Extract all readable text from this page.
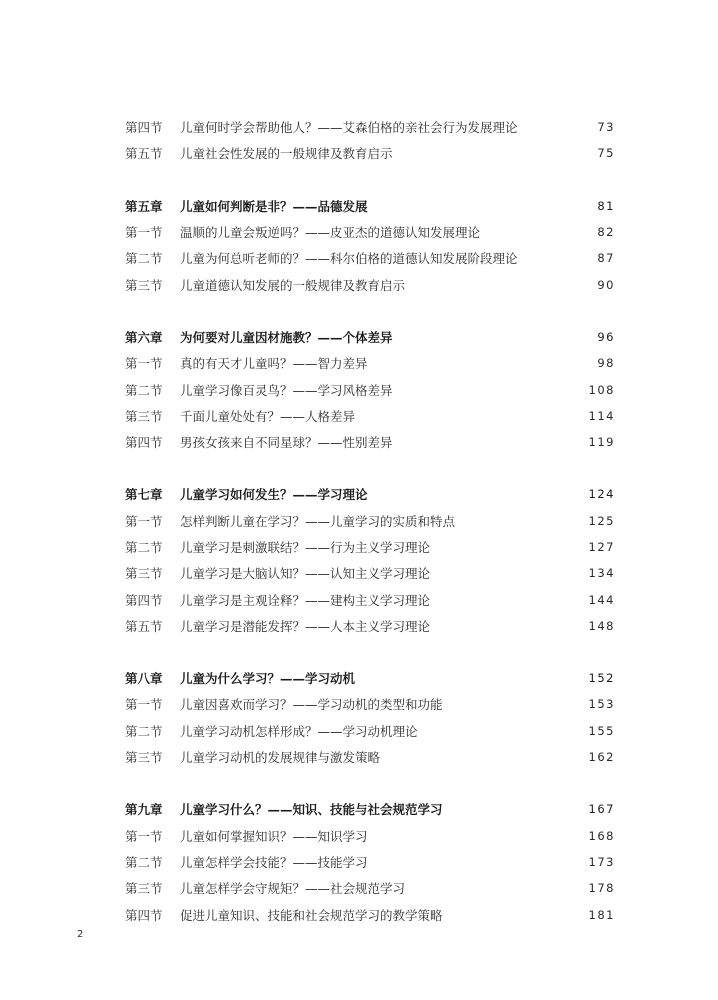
第四节	儿童何时学会帮助他人？——艾森伯格的亲社会行为发展理论	73
第五节	儿童社会性发展的一般规律及教育启示	75
第五章	儿童如何判断是非？——品德发展	81
第一节	温顺的儿童会叛逆吗？——皮亚杰的道德认知发展理论	82
第二节	儿童为何总听老师的？——科尔伯格的道德认知发展阶段理论	87
第三节	儿童道德认知发展的一般规律及教育启示	90
第六章	为何要对儿童因材施教？——个体差异	96
第一节	真的有天才儿童吗？——智力差异	98
第二节	儿童学习像百灵鸟？——学习风格差异	108
第三节	千面儿童处处有？——人格差异	114
第四节	男孩女孩来自不同星球？——性别差异	119
第七章	儿童学习如何发生？——学习理论	124
第一节	怎样判断儿童在学习？——儿童学习的实质和特点	125
第二节	儿童学习是刺激联结？——行为主义学习理论	127
第三节	儿童学习是大脑认知？——认知主义学习理论	134
第四节	儿童学习是主观诠释？——建构主义学习理论	144
第五节	儿童学习是潜能发挥？——人本主义学习理论	148
第八章	儿童为什么学习？——学习动机	152
第一节	儿童因喜欢而学习？——学习动机的类型和功能	153
第二节	儿童学习动机怎样形成？——学习动机理论	155
第三节	儿童学习动机的发展规律与激发策略	162
第九章	儿童学习什么？——知识、技能与社会规范学习	167
第一节	儿童如何掌握知识？——知识学习	168
第二节	儿童怎样学会技能？——技能学习	173
第三节	儿童怎样学会守规矩？——社会规范学习	178
第四节	促进儿童知识、技能和社会规范学习的教学策略	181
2
